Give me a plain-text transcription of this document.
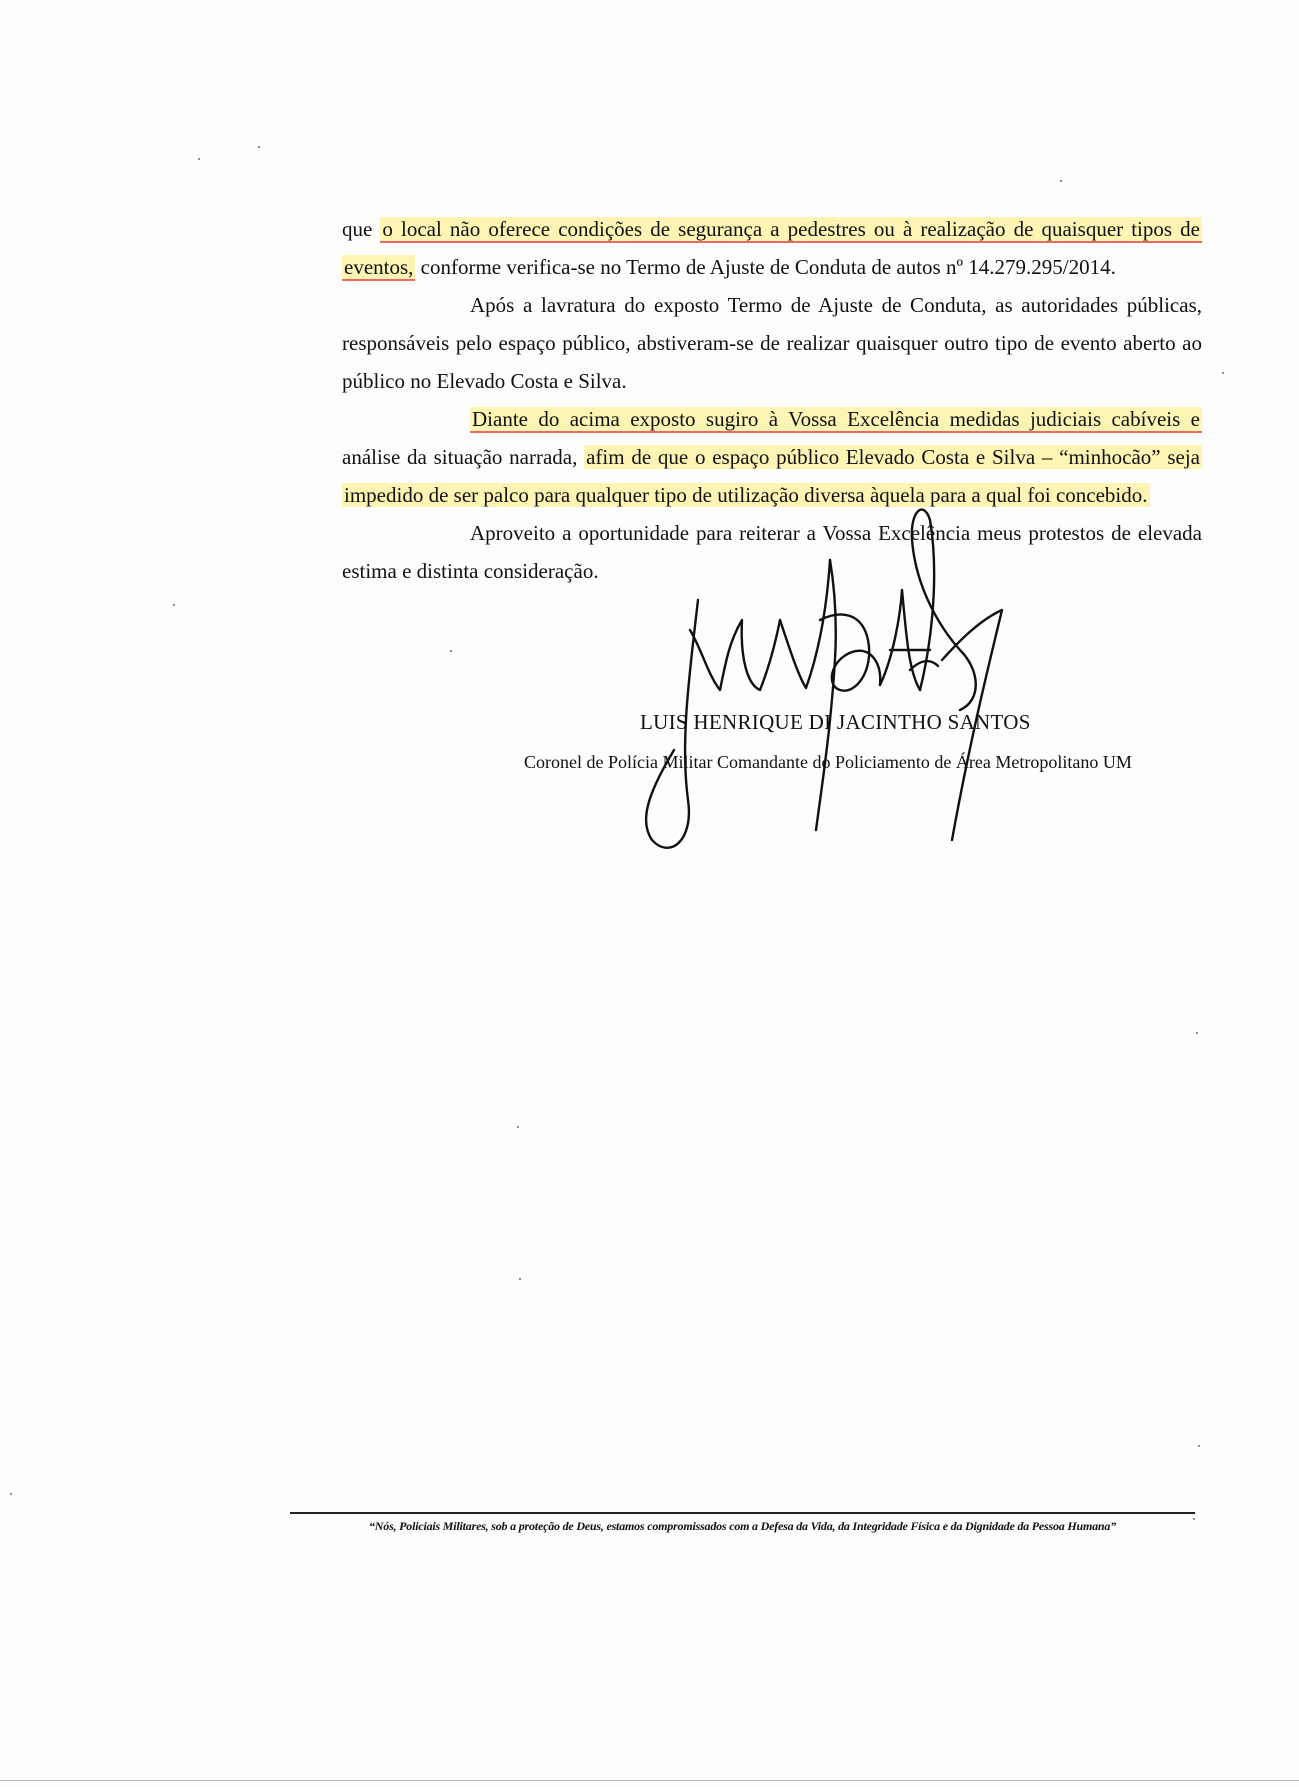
que o local não oferece condições de segurança a pedestres ou à realização de quaisquer tipos de eventos, conforme verifica-se no Termo de Ajuste de Conduta de autos nº 14.279.295/2014.

Após a lavratura do exposto Termo de Ajuste de Conduta, as autoridades públicas, responsáveis pelo espaço público, abstiveram-se de realizar quaisquer outro tipo de evento aberto ao público no Elevado Costa e Silva.

Diante do acima exposto sugiro à Vossa Excelência medidas judiciais cabíveis e análise da situação narrada, afim de que o espaço público Elevado Costa e Silva – “minhocão” seja impedido de ser palco para qualquer tipo de utilização diversa àquela para a qual foi concebido.

Aproveito a oportunidade para reiterar a Vossa Excelência meus protestos de elevada estima e distinta consideração.

LUIS HENRIQUE DI JACINTHO SANTOS
Coronel de Polícia Militar Comandante do Policiamento de Área Metropolitano UM
“Nós, Policiais Militares, sob a proteção de Deus, estamos compromissados com a Defesa da Vida, da Integridade Física e da Dignidade da Pessoa Humana”
